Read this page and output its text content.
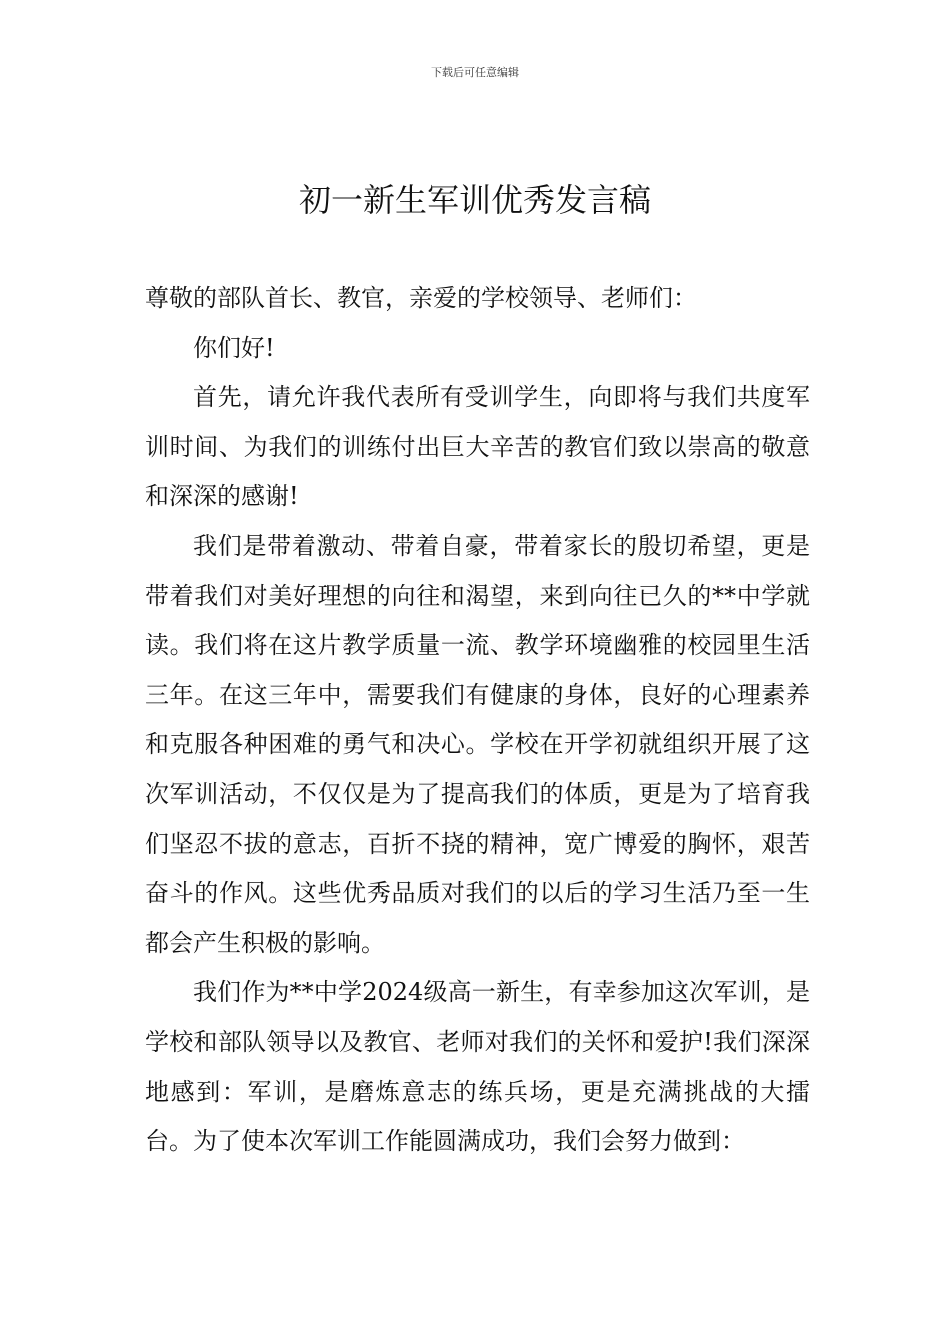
下载后可任意编辑
初一新生军训优秀发言稿

尊敬的部队首长、教官，亲爱的学校领导、老师们：

你们好!

首先，请允许我代表所有受训学生，向即将与我们共度军训时间、为我们的训练付出巨大辛苦的教官们致以崇高的敬意和深深的感谢!

我们是带着激动、带着自豪，带着家长的殷切希望，更是带着我们对美好理想的向往和渴望，来到向往已久的**中学就读。我们将在这片教学质量一流、教学环境幽雅的校园里生活三年。在这三年中，需要我们有健康的身体，良好的心理素养和克服各种困难的勇气和决心。学校在开学初就组织开展了这次军训活动，不仅仅是为了提高我们的体质，更是为了培育我们坚忍不拔的意志，百折不挠的精神，宽广博爱的胸怀，艰苦奋斗的作风。这些优秀品质对我们的以后的学习生活乃至一生都会产生积极的影响。

我们作为**中学2024级高一新生，有幸参加这次军训，是学校和部队领导以及教官、老师对我们的关怀和爱护!我们深深地感到：军训，是磨炼意志的练兵场，更是充满挑战的大擂台。为了使本次军训工作能圆满成功，我们会努力做到：
